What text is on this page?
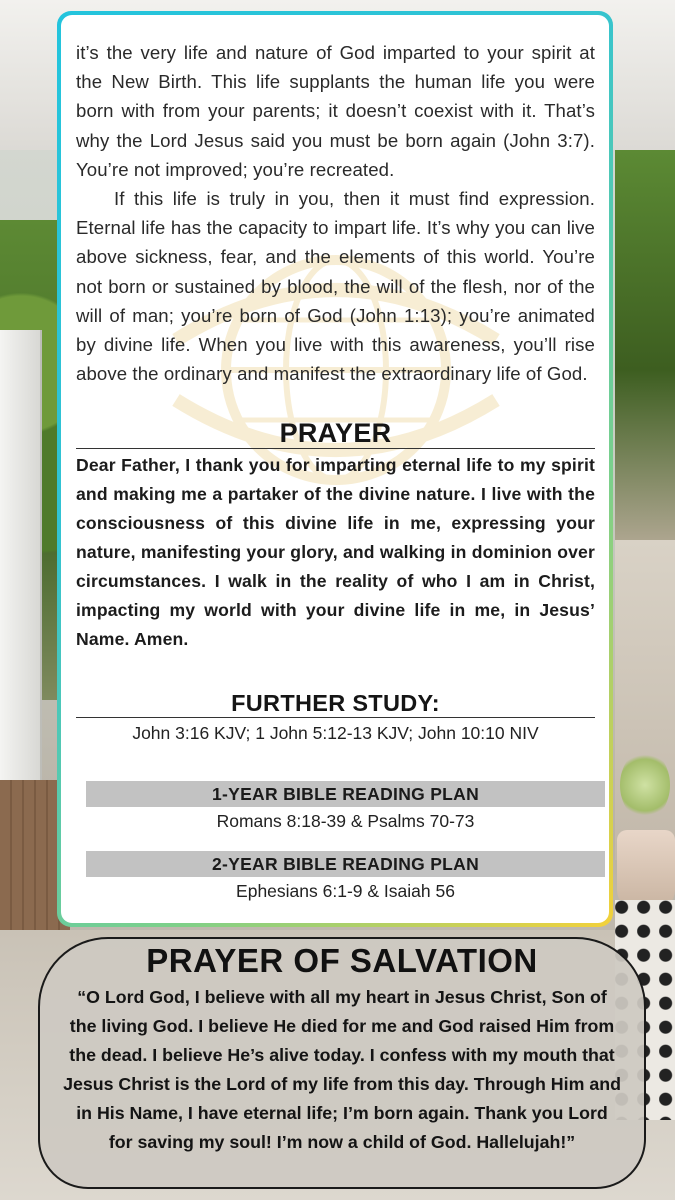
it’s the very life and nature of God imparted to your spirit at the New Birth. This life supplants the human life you were born with from your parents; it doesn’t coexist with it. That’s why the Lord Jesus said you must be born again (John 3:7). You’re not improved; you’re recreated.

If this life is truly in you, then it must find expression. Eternal life has the capacity to impart life. It’s why you can live above sickness, fear, and the elements of this world. You’re not born or sustained by blood, the will of the flesh, nor of the will of man; you’re born of God (John 1:13); you’re animated by divine life. When you live with this awareness, you’ll rise above the ordinary and manifest the extraordinary life of God.

PRAYER

Dear Father, I thank you for imparting eternal life to my spirit and making me a partaker of the divine nature. I live with the consciousness of this divine life in me, expressing your nature, manifesting your glory, and walking in dominion over circumstances. I walk in the reality of who I am in Christ, impacting my world with your divine life in me, in Jesus’ Name. Amen.

FURTHER STUDY:

John 3:16 KJV; 1 John 5:12-13 KJV; John 10:10 NIV

1-YEAR BIBLE READING PLAN

Romans 8:18-39 & Psalms 70-73

2-YEAR BIBLE READING PLAN

Ephesians 6:1-9 & Isaiah 56

PRAYER OF SALVATION
“O Lord God, I believe with all my heart in Jesus Christ, Son of the living God. I believe He died for me and God raised Him from the dead. I believe He’s alive today. I confess with my mouth that Jesus Christ is the Lord of my life from this day. Through Him and in His Name, I have eternal life; I’m born again. Thank you Lord for saving my soul! I’m now a child of God. Hallelujah!”
